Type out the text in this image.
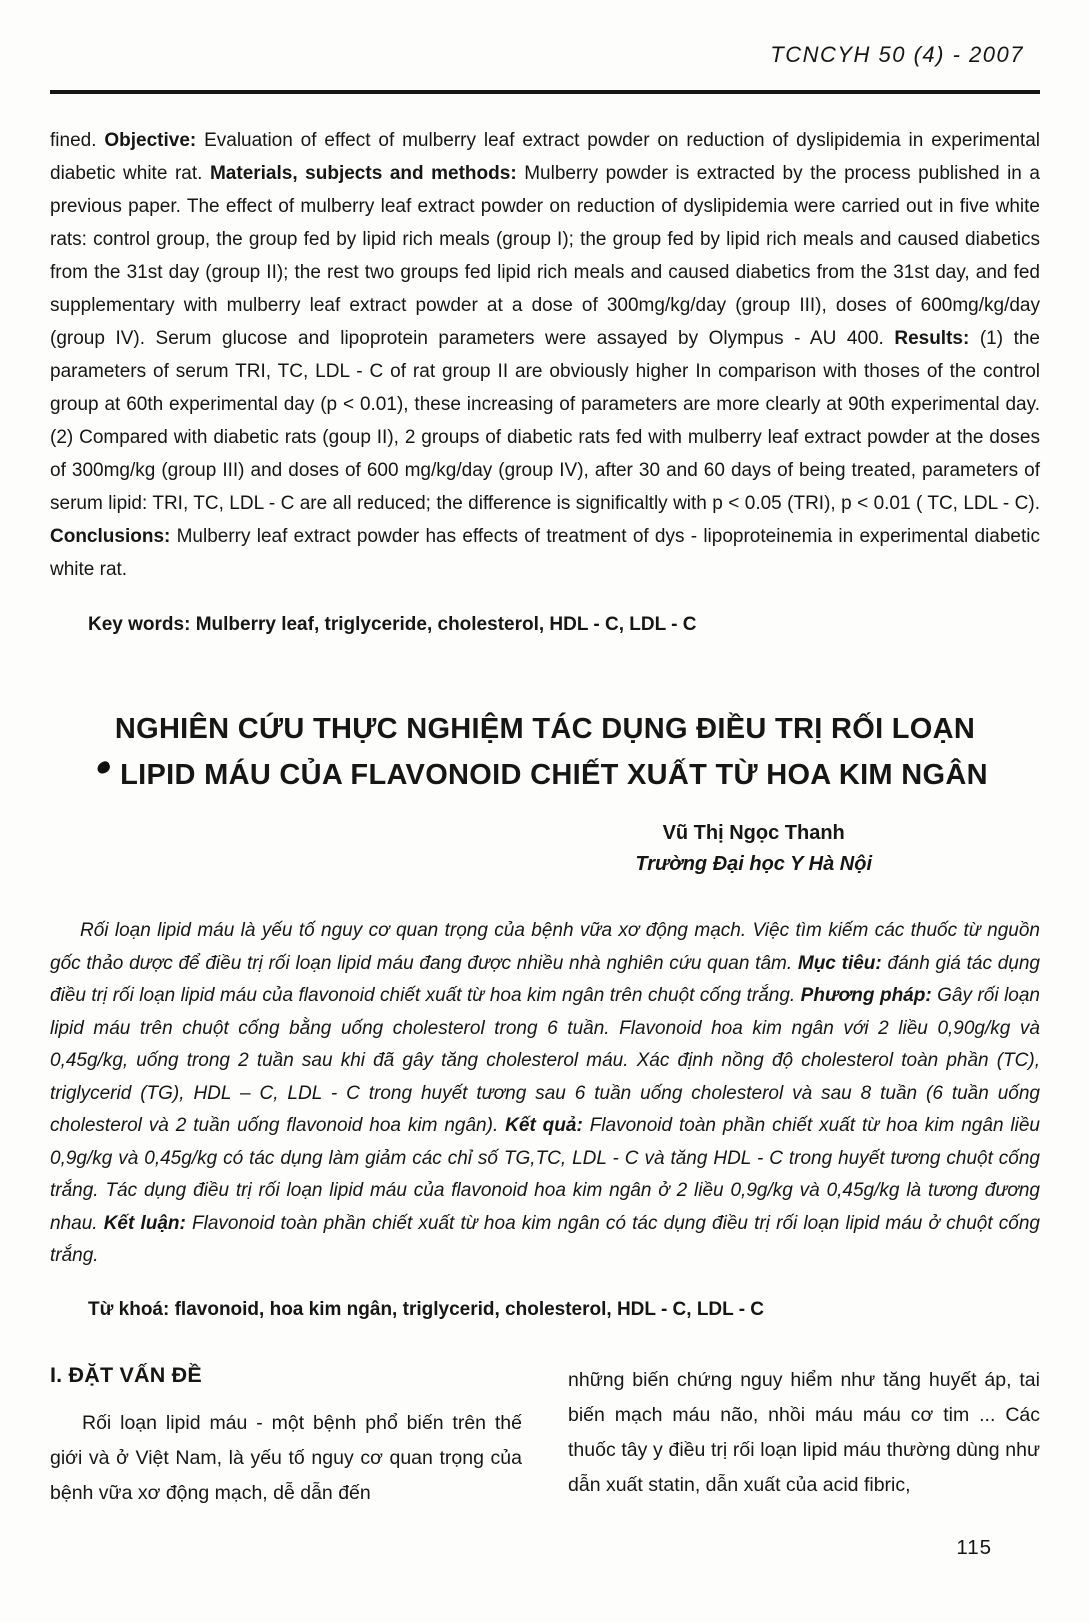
TCNCYH 50 (4) - 2007

fined. Objective: Evaluation of effect of mulberry leaf extract powder on reduction of dyslipidemia in experimental diabetic white rat. Materials, subjects and methods: Mulberry powder is extracted by the process published in a previous paper. The effect of mulberry leaf extract powder on reduction of dyslipidemia were carried out in five white rats: control group, the group fed by lipid rich meals (group I); the group fed by lipid rich meals and caused diabetics from the 31st day (group II); the rest two groups fed lipid rich meals and caused diabetics from the 31st day, and fed supplementary with mulberry leaf extract powder at a dose of 300mg/kg/day (group III), doses of 600mg/kg/day (group IV). Serum glucose and lipoprotein parameters were assayed by Olympus - AU 400. Results: (1) the parameters of serum TRI, TC, LDL - C of rat group II are obviously higher In comparison with thoses of the control group at 60th experimental day (p < 0.01), these increasing of parameters are more clearly at 90th experimental day. (2) Compared with diabetic rats (goup II), 2 groups of diabetic rats fed with mulberry leaf extract powder at the doses of 300mg/kg (group III) and doses of 600 mg/kg/day (group IV), after 30 and 60 days of being treated, parameters of serum lipid: TRI, TC, LDL - C are all reduced; the difference is significaltly with p < 0.05 (TRI), p < 0.01 ( TC, LDL - C). Conclusions: Mulberry leaf extract powder has effects of treatment of dys - lipoproteinemia in experimental diabetic white rat.

Key words: Mulberry leaf, triglyceride, cholesterol, HDL - C, LDL - C

NGHIÊN CỨU THỰC NGHIỆM TÁC DỤNG ĐIỀU TRỊ RỐI LOẠN
LIPID MÁU CỦA FLAVONOID CHIẾT XUẤT TỪ HOA KIM NGÂN
Vũ Thị Ngọc Thanh
Trường Đại học Y Hà Nội

Rối loạn lipid máu là yếu tố nguy cơ quan trọng của bệnh vữa xơ động mạch. Việc tìm kiếm các thuốc từ nguồn gốc thảo dược để điều trị rối loạn lipid máu đang được nhiều nhà nghiên cứu quan tâm. Mục tiêu: đánh giá tác dụng điều trị rối loạn lipid máu của flavonoid chiết xuất từ hoa kim ngân trên chuột cống trắng. Phương pháp: Gây rối loạn lipid máu trên chuột cống bằng uống cholesterol trong 6 tuần. Flavonoid hoa kim ngân với 2 liều 0,90g/kg và 0,45g/kg, uống trong 2 tuần sau khi đã gây tăng cholesterol máu. Xác định nồng độ cholesterol toàn phần (TC), triglycerid (TG), HDL – C, LDL - C trong huyết tương sau 6 tuần uống cholesterol và sau 8 tuần (6 tuần uống cholesterol và 2 tuần uống flavonoid hoa kim ngân). Kết quả: Flavonoid toàn phần chiết xuất từ hoa kim ngân liều 0,9g/kg và 0,45g/kg có tác dụng làm giảm các chỉ số TG,TC, LDL - C và tăng HDL - C trong huyết tương chuột cống trắng. Tác dụng điều trị rối loạn lipid máu của flavonoid hoa kim ngân ở 2 liều 0,9g/kg và 0,45g/kg là tương đương nhau. Kết luận: Flavonoid toàn phần chiết xuất từ hoa kim ngân có tác dụng điều trị rối loạn lipid máu ở chuột cống trắng.

Từ khoá: flavonoid, hoa kim ngân, triglycerid, cholesterol, HDL - C, LDL - C

I. ĐẶT VẤN ĐỀ

Rối loạn lipid máu - một bệnh phổ biến trên thế giới và ở Việt Nam, là yếu tố nguy cơ quan trọng của bệnh vữa xơ động mạch, dễ dẫn đến

những biến chứng nguy hiểm như tăng huyết áp, tai biến mạch máu não, nhồi máu máu cơ tim ... Các thuốc tây y điều trị rối loạn lipid máu thường dùng như dẫn xuất statin, dẫn xuất của acid fibric,

115
